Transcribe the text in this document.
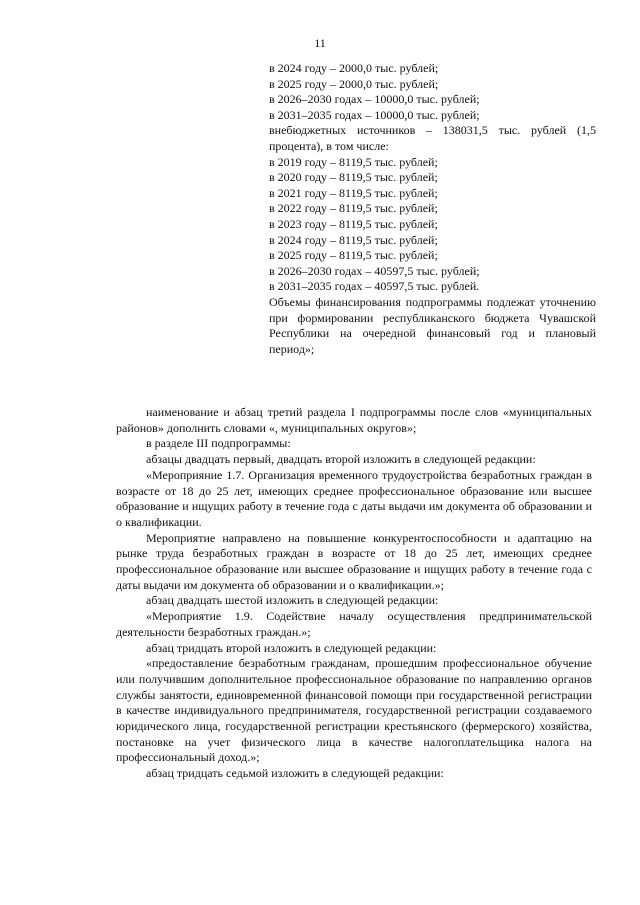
11

в 2024 году – 2000,0 тыс. рублей;

в 2025 году – 2000,0 тыс. рублей;

в 2026–2030 годах – 10000,0 тыс. рублей;

в 2031–2035 годах – 10000,0 тыс. рублей;

внебюджетных источников – 138031,5 тыс. рублей (1,5 процента), в том числе:

в 2019 году – 8119,5 тыс. рублей;

в 2020 году – 8119,5 тыс. рублей;

в 2021 году – 8119,5 тыс. рублей;

в 2022 году – 8119,5 тыс. рублей;

в 2023 году – 8119,5 тыс. рублей;

в 2024 году – 8119,5 тыс. рублей;

в 2025 году – 8119,5 тыс. рублей;

в 2026–2030 годах – 40597,5 тыс. рублей;

в 2031–2035 годах – 40597,5 тыс. рублей.

Объемы финансирования подпрограммы подлежат уточнению при формировании республиканского бюджета Чувашской Республики на очередной финансовый год и плановый период»;

наименование и абзац третий раздела I подпрограммы после слов «муниципальных районов» дополнить словами «, муниципальных округов»;

в разделе III подпрограммы:

абзацы двадцать первый, двадцать второй изложить в следующей редакции:

«Мероприяние 1.7. Организация временного трудоустройства безработных граждан в возрасте от 18 до 25 лет, имеющих среднее профессиональное образование или высшее образование и ищущих работу в течение года с даты выдачи им документа об образовании и о квалификации.

Мероприятие направлено на повышение конкурентоспособности и адаптацию на рынке труда безработных граждан в возрасте от 18 до 25 лет, имеющих среднее профессиональное образование или высшее образование и ищущих работу в течение года с даты выдачи им документа об образовании и о квалификации.»;

абзац двадцать шестой изложить в следующей редакции:

«Мероприятие 1.9. Содействие началу осуществления предпринимательской деятельности безработных граждан.»;

абзац тридцать второй изложить в следующей редакции:

«предоставление безработным гражданам, прошедшим профессиональное обучение или получившим дополнительное профессиональное образование по направлению органов службы занятости, единовременной финансовой помощи при государственной регистрации в качестве индивидуального предпринимателя, государственной регистрации создаваемого юридического лица, государственной регистрации крестьянского (фермерского) хозяйства, постановке на учет физического лица в качестве налогоплательщика налога на профессиональный доход.»;

абзац тридцать седьмой изложить в следующей редакции:
